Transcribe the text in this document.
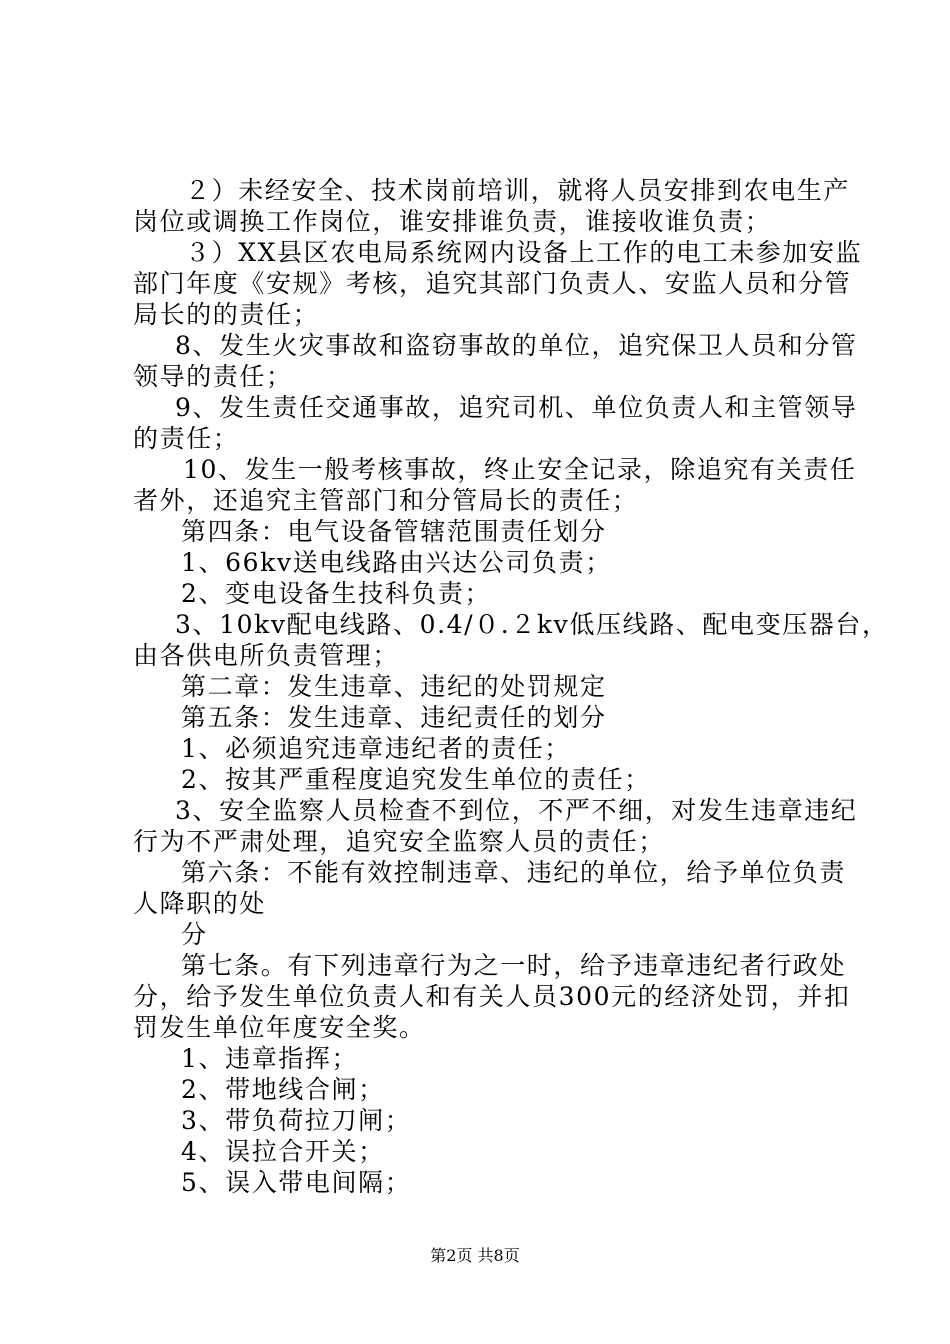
２）未经安全、技术岗前培训，就将人员安排到农电生产
岗位或调换工作岗位，谁安排谁负责，谁接收谁负责；
３）XX县区农电局系统网内设备上工作的电工未参加安监
部门年度《安规》考核，追究其部门负责人、安监人员和分管
局长的的责任；
8、发生火灾事故和盗窃事故的单位，追究保卫人员和分管
领导的责任；
9、发生责任交通事故，追究司机、单位负责人和主管领导
的责任；
10、发生一般考核事故，终止安全记录，除追究有关责任
者外，还追究主管部门和分管局长的责任；
第四条：电气设备管辖范围责任划分
1、66kv送电线路由兴达公司负责；
2、变电设备生技科负责；
3、10kv配电线路、0.4/０.２kv低压线路、配电变压器台，
由各供电所负责管理；
第二章：发生违章、违纪的处罚规定
第五条：发生违章、违纪责任的划分
1、必须追究违章违纪者的责任；
2、按其严重程度追究发生单位的责任；
3、安全监察人员检查不到位，不严不细，对发生违章违纪
行为不严肃处理，追究安全监察人员的责任；
第六条：不能有效控制违章、违纪的单位，给予单位负责
人降职的处
分
第七条。有下列违章行为之一时，给予违章违纪者行政处
分，给予发生单位负责人和有关人员300元的经济处罚，并扣
罚发生单位年度安全奖。
1、违章指挥；
2、带地线合闸；
3、带负荷拉刀闸；
4、误拉合开关；
5、误入带电间隔；
第2页 共8页
